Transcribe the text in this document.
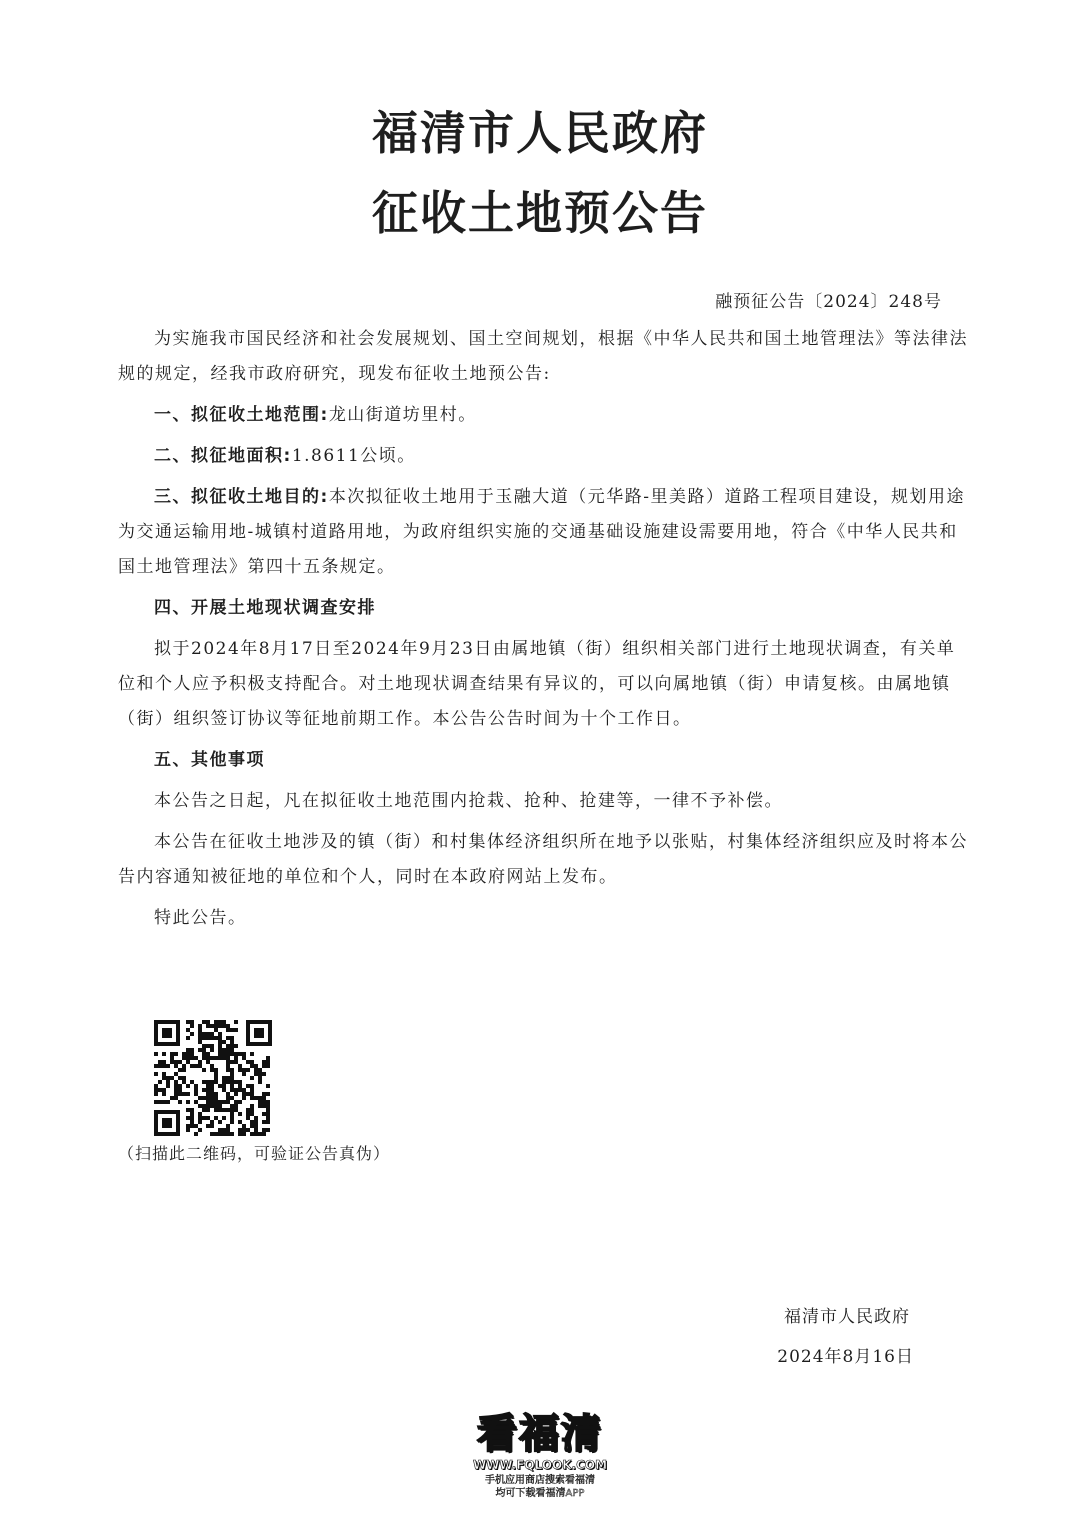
福清市人民政府
征收土地预公告
融预征公告〔2024〕248号

为实施我市国民经济和社会发展规划、国土空间规划，根据《中华人民共和国土地管理法》等法律法规的规定，经我市政府研究，现发布征收土地预公告:

一、拟征收土地范围:龙山街道坊里村。

二、拟征地面积:1.8611公顷。

三、拟征收土地目的:本次拟征收土地用于玉融大道（元华路-里美路）道路工程项目建设，规划用途为交通运输用地-城镇村道路用地，为政府组织实施的交通基础设施建设需要用地，符合《中华人民共和国土地管理法》第四十五条规定。

四、开展土地现状调查安排

拟于2024年8月17日至2024年9月23日由属地镇（街）组织相关部门进行土地现状调查，有关单位和个人应予积极支持配合。对土地现状调查结果有异议的，可以向属地镇（街）申请复核。由属地镇（街）组织签订协议等征地前期工作。本公告公告时间为十个工作日。

五、其他事项

本公告之日起，凡在拟征收土地范围内抢栽、抢种、抢建等，一律不予补偿。

本公告在征收土地涉及的镇（街）和村集体经济组织所在地予以张贴，村集体经济组织应及时将本公告内容通知被征地的单位和个人，同时在本政府网站上发布。

特此公告。

（扫描此二维码，可验证公告真伪）
福清市人民政府
2024年8月16日
看福清
WWW.FQLOOK.COM
手机应用商店搜索看福清
均可下载看福清APP
